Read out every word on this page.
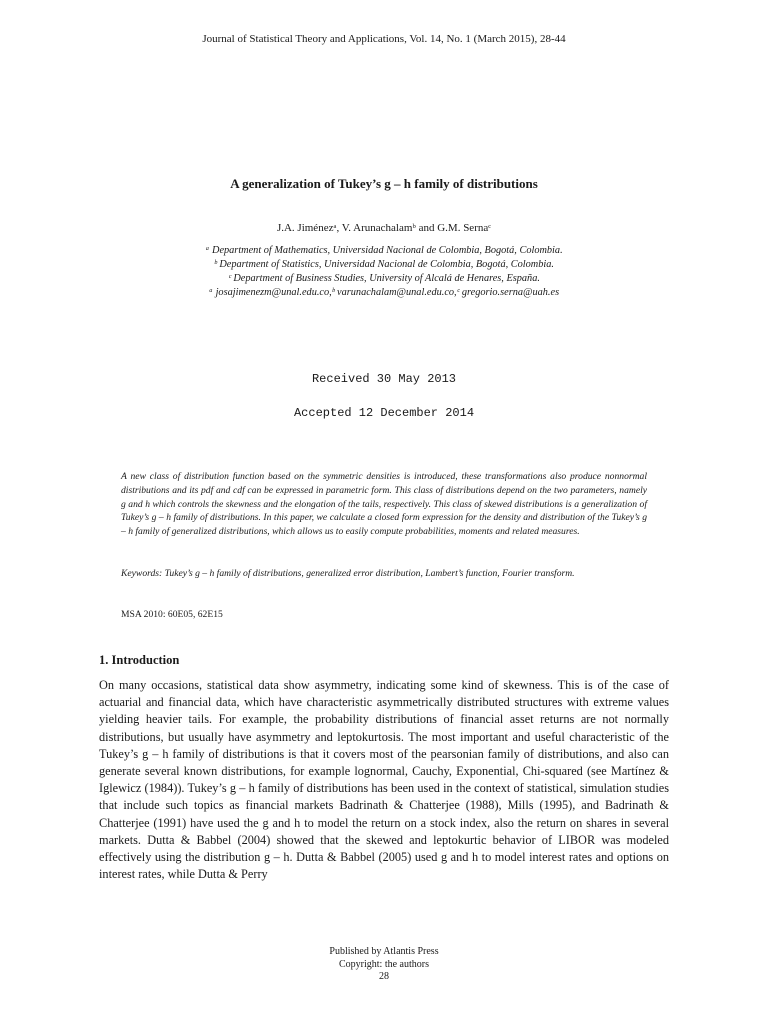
Journal of Statistical Theory and Applications, Vol. 14, No. 1 (March 2015), 28-44
A generalization of Tukey’s g – h family of distributions
J.A. Jiménezᵃ, V. Arunachalamᵇ and G.M. Sernaᶜ
ᵃ Department of Mathematics, Universidad Nacional de Colombia, Bogotá, Colombia.
ᵇ Department of Statistics, Universidad Nacional de Colombia, Bogotá, Colombia.
ᶜ Department of Business Studies, University of Alcalá de Henares, España.
ᵃ josajimenezm@unal.edu.co,ᵇ varunachalam@unal.edu.co,ᶜ gregorio.serna@uah.es
Received 30 May 2013
Accepted 12 December 2014
A new class of distribution function based on the symmetric densities is introduced, these transformations also produce nonnormal distributions and its pdf and cdf can be expressed in parametric form. This class of distributions depend on the two parameters, namely g and h which controls the skewness and the elongation of the tails, respectively. This class of skewed distributions is a generalization of Tukey’s g – h family of distributions. In this paper, we calculate a closed form expression for the density and distribution of the Tukey’s g – h family of generalized distributions, which allows us to easily compute probabilities, moments and related measures.
Keywords: Tukey’s g – h family of distributions, generalized error distribution, Lambert’s function, Fourier transform.
MSA 2010: 60E05, 62E15
1. Introduction
On many occasions, statistical data show asymmetry, indicating some kind of skewness. This is of the case of actuarial and financial data, which have characteristic asymmetrically distributed structures with extreme values yielding heavier tails. For example, the probability distributions of financial asset returns are not normally distributions, but usually have asymmetry and leptokurtosis. The most important and useful characteristic of the Tukey’s g – h family of distributions is that it covers most of the pearsonian family of distributions, and also can generate several known distributions, for example lognormal, Cauchy, Exponential, Chi-squared (see Martínez & Iglewicz (1984)). Tukey’s g – h family of distributions has been used in the context of statistical, simulation studies that include such topics as financial markets Badrinath & Chatterjee (1988), Mills (1995), and Badrinath & Chatterjee (1991) have used the g and h to model the return on a stock index, also the return on shares in several markets. Dutta & Babbel (2004) showed that the skewed and leptokurtic behavior of LIBOR was modeled effectively using the distribution g – h. Dutta & Babbel (2005) used g and h to model interest rates and options on interest rates, while Dutta & Perry
Published by Atlantis Press
Copyright: the authors
28
